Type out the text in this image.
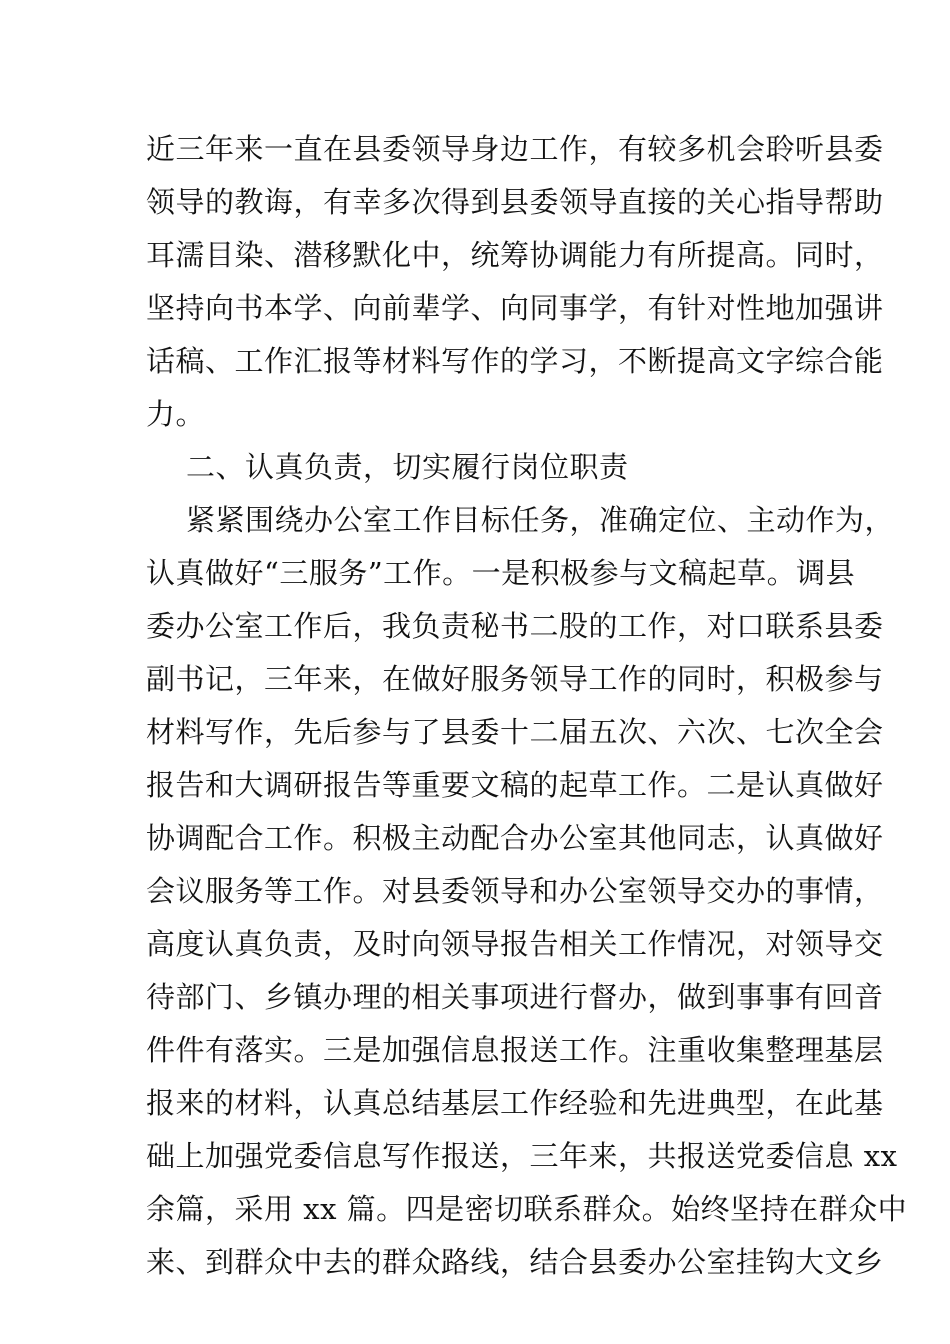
近三年来一直在县委领导身边工作，有较多机会聆听县委
领导的教诲，有幸多次得到县委领导直接的关心指导帮助
耳濡目染、潜移默化中，统筹协调能力有所提高。同时，
坚持向书本学、向前辈学、向同事学，有针对性地加强讲
话稿、工作汇报等材料写作的学习，不断提高文字综合能
力。
二、认真负责，切实履行岗位职责
紧紧围绕办公室工作目标任务，准确定位、主动作为，
认真做好“三服务”工作。一是积极参与文稿起草。调县
委办公室工作后，我负责秘书二股的工作，对口联系县委
副书记，三年来，在做好服务领导工作的同时，积极参与
材料写作，先后参与了县委十二届五次、六次、七次全会
报告和大调研报告等重要文稿的起草工作。二是认真做好
协调配合工作。积极主动配合办公室其他同志，认真做好
会议服务等工作。对县委领导和办公室领导交办的事情，
高度认真负责，及时向领导报告相关工作情况，对领导交
待部门、乡镇办理的相关事项进行督办，做到事事有回音
件件有落实。三是加强信息报送工作。注重收集整理基层
报来的材料，认真总结基层工作经验和先进典型，在此基
础上加强党委信息写作报送，三年来，共报送党委信息 xx
余篇，采用 xx 篇。四是密切联系群众。始终坚持在群众中
来、到群众中去的群众路线，结合县委办公室挂钩大文乡
